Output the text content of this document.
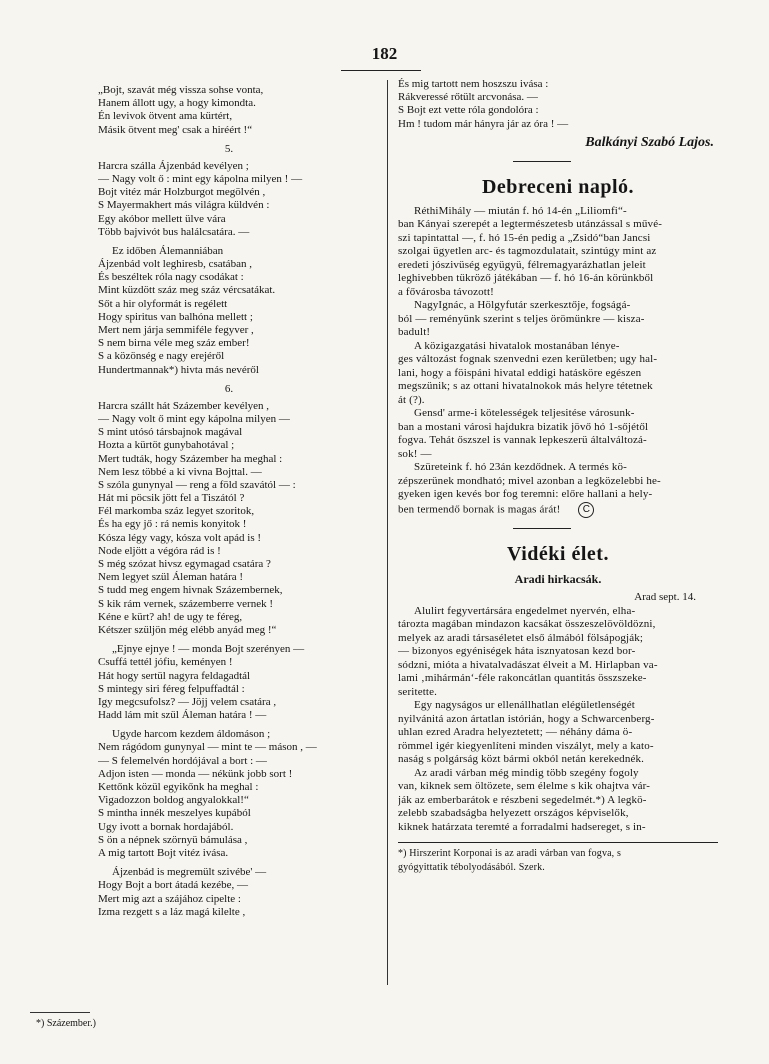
182
„Bojt, szavát még vissza sohse vonta,
Hanem állott ugy, a hogy kimondta.
Én levivok ötvent ama kürtért,
Másik ötvent meg' csak a hiréért !“
5.
Harcra szálla Ájzenbád kevélyen ;
— Nagy volt ő : mint egy kápolna milyen ! —
Bojt vitéz már Holzburgot megölvén ,
S Mayermakhert más világra küldvén :
Egy akóbor mellett ülve vára
Több bajvivót bus halálcsatára. —
Ez időben Álemanniában
Ájzenbád volt leghiresb, csatában ,
És beszéltek róla nagy csodákat :
Mint küzdött száz meg száz vércsatákat.
Sőt a hir olyformát is regélett
Hogy spiritus van balhóna mellett ;
Mert nem járja semmiféle fegyver ,
S nem birna véle meg száz ember!
S a közönség e nagy erejéről
Hundertmannak*) hivta más nevéről
6.
Harcra szállt hát Százember kevélyen ,
— Nagy volt ő mint egy kápolna milyen —
S mint utósó társbajnok magával
Hozta a kürtöt gunybahotával ;
Mert tudták, hogy Százember ha meghal :
Nem lesz többé a ki vivna Bojttal. —
S szóla gunynyal — reng a föld szavától — :
Hát mi pöcsik jött fel a Tiszától ?
Fél markomba száz legyet szoritok,
És ha egy jő : rá nemis konyitok !
Kósza légy vagy, kósza volt apád is !
Node eljött a végóra rád is !
S még szózat hivsz egymagad csatára ?
Nem legyet szül Áleman határa !
S tudd meg engem hivnak Százembernek,
S kik rám vernek, százemberre vernek !
Kéne e kürt? ah! de ugy te féreg,
Kétszer szüljön még elébb anyád meg !“
„Ejnye ejnye ! — monda Bojt szerényen —
Csuffá tettél jófiu, keményen !
Hát hogy sertül nagyra feldagadtál
S mintegy siri féreg felpuffadtál :
Igy megcsufolsz? — Jöjj velem csatára ,
Hadd lám mit szül Áleman határa ! —
Ugyde harcom kezdem áldomáson ;
Nem rágódom gunynyal — mint te — máson , —
— S felemelvén hordójával a bort : —
Adjon isten — monda — nékünk jobb sort !
Kettőnk közül egyikőnk ha meghal :
Vigadozzon boldog angyalokkal!“
S mintha innék meszelyes kupából
Ugy ivott a bornak hordajából.
S ön a népnek szörnyü bámulása ,
A mig tartott Bojt vitéz ivása.
Ájzenbád is megremült szivébe' —
Hogy Bojt a bort átadá kezébe, —
Mert mig azt a szájához cipelte :
Izma rezgett s a láz magá kilelte ,
*) Százember.)
És mig tartott nem hoszszu ivása :
Rákveressé rőtült arcvonása. —
S Bojt ezt vette róla gondolóra :
Hm ! tudom már hányra jár az óra ! —
Balkányi Szabó Lajos.
Debreceni napló.
RéthiMihály — miután f. hó 14-én „Liliomfi“-
ban Kányai szerepét a legtermészetesb utánzással s művé-
szi tapintattal —, f. hó 15-én pedig a „Zsidó“ban Jancsi
szolgai ügyetlen arc- és tagmozdulatait, szintúgy mint az
eredeti jószivüség együgyü, félremagyarázhatlan jeleit
leghivebben tükröző játékában — f. hó 16-án körünkből
a fővárosba távozott!
NagyIgnác, a Hölgyfutár szerkesztője, fogságá-
ból — reményünk szerint s teljes örömünkre — kisza-
badult!
A közigazgatási hivatalok mostanában lénye-
ges változást fognak szenvedni ezen kerületben; ugy hal-
lani, hogy a föispáni hivatal eddigi hatásköre egészen
megszünik; s az ottani hivatalnokok más helyre tétetnek
át (?).
Gensd' arme-i kötelességek teljesitése városunk-
ban a mostani városi hajdukra bizatik jövő hó 1-sőjétől
fogva. Tehát őszszel is vannak lepkeszerü általváltozá-
sok! —
Szüreteink f. hó 23án kezdődnek. A termés kö-
zépszerünek mondható; mivel azonban a legközelebbi he-
gyeken igen kevés bor fog teremni: előre hallani a hely-
ben termendő bornak is magas árát! C
Vidéki élet.
Aradi hirkacsák.
Arad sept. 14.
Alulirt fegyvertársára engedelmet nyervén, elha-
tározta magában mindazon kacsákat összeszelövöldözni,
melyek az aradi társaséletet első álmából fölsápogják;
— bizonyos egyéniségek háta isznyatosan kezd bor-
sódzni, mióta a hivatalvadászat élveit a M. Hirlapban va-
lami ‚mihármán‘-féle rakoncátlan quantitás összszeke-
seritette.
Egy nagyságos ur ellenállhatlan elégületlenségét
nyilvánitá azon ártatlan istórián, hogy a Schwarcenberg-
uhlan ezred Aradra helyeztetett; — néhány dáma ö-
römmel igér kiegyenlíteni minden viszályt, mely a kato-
naság s polgárság közt bármi okból netán kerekednék.
Az aradi várban még mindig több szegény fogoly
van, kiknek sem öltözete, sem élelme s kik ohajtva vár-
ják az emberbarátok e részbeni segedelmét.*) A legkö-
zelebb szabadságba helyezett országos képviselők,
kiknek határzata teremté a forradalmi hadsereget, s in-
*) Hirszerint Korponai is az aradi várban van fogva, s
gyógyittatik tébolyodásából. Szerk.
